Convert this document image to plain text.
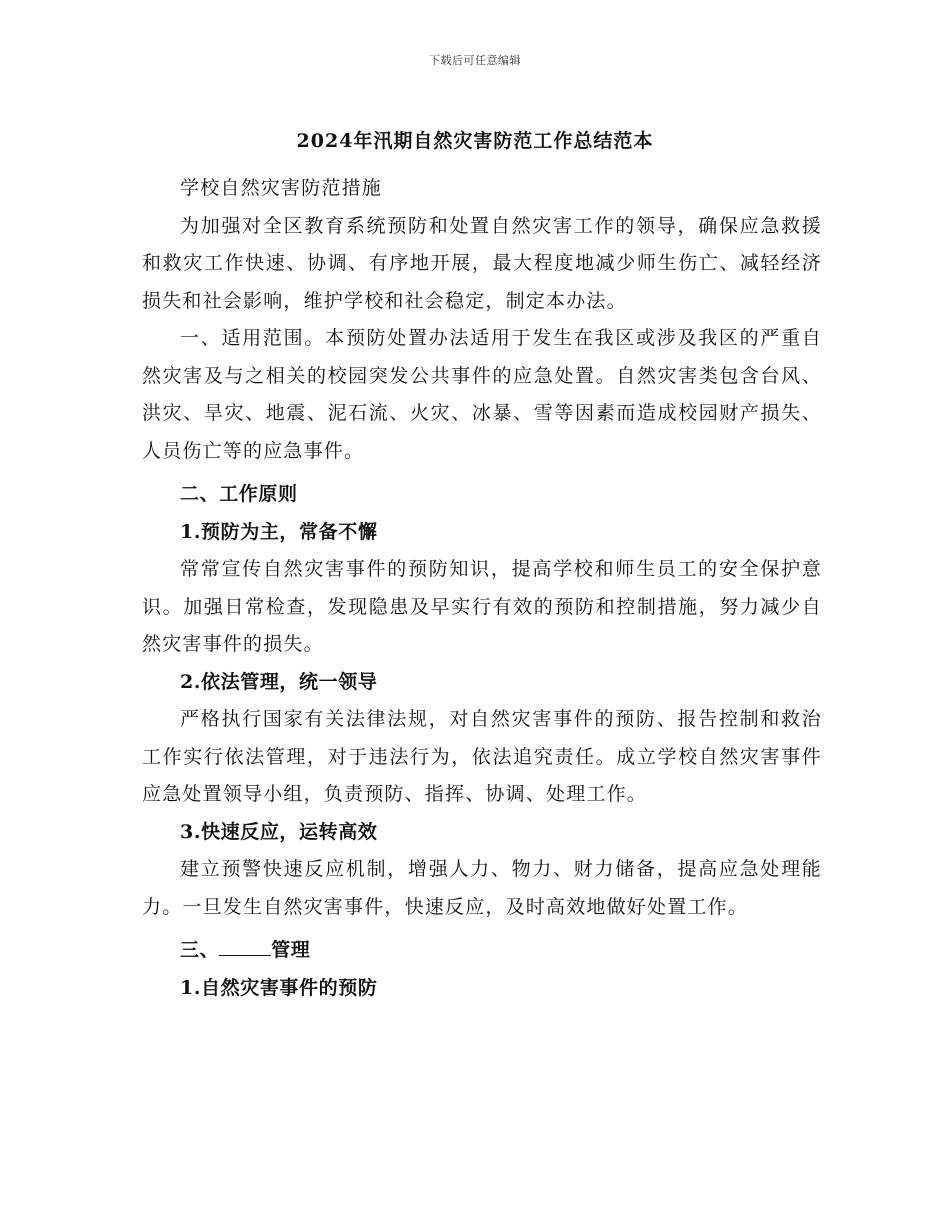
下载后可任意编辑
2024年汛期自然灾害防范工作总结范本

学校自然灾害防范措施

为加强对全区教育系统预防和处置自然灾害工作的领导，确保应急救援和救灾工作快速、协调、有序地开展，最大程度地减少师生伤亡、减轻经济损失和社会影响，维护学校和社会稳定，制定本办法。

一、适用范围。本预防处置办法适用于发生在我区或涉及我区的严重自然灾害及与之相关的校园突发公共事件的应急处置。自然灾害类包含台风、洪灾、旱灾、地震、泥石流、火灾、冰暴、雪等因素而造成校园财产损失、人员伤亡等的应急事件。

二、工作原则

1.预防为主，常备不懈

常常宣传自然灾害事件的预防知识，提高学校和师生员工的安全保护意识。加强日常检查，发现隐患及早实行有效的预防和控制措施，努力减少自然灾害事件的损失。

2.依法管理，统一领导

严格执行国家有关法律法规，对自然灾害事件的预防、报告控制和救治工作实行依法管理，对于违法行为，依法追究责任。成立学校自然灾害事件应急处置领导小组，负责预防、指挥、协调、处理工作。

3.快速反应，运转高效

建立预警快速反应机制，增强人力、物力、财力储备，提高应急处理能力。一旦发生自然灾害事件，快速反应，及时高效地做好处置工作。

三、	管理

1.自然灾害事件的预防
